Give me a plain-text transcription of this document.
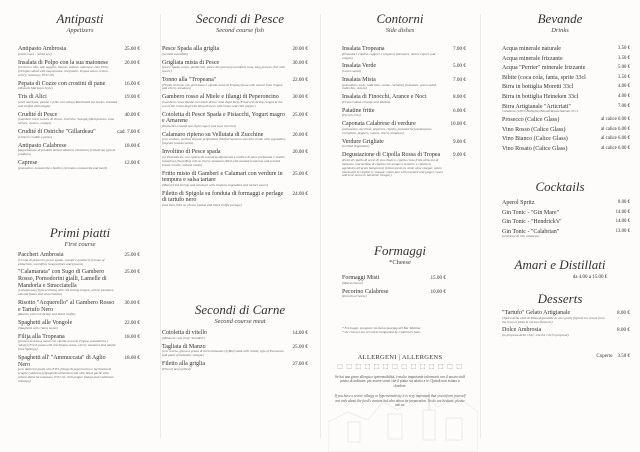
Antipasti
Appetizers
Antipasto Ambrosia
(misto mare - mixed sea)
25.00 €
Insalata di Polpo con la sua maionese
(ricciolo e olio, olio leggero, limone, sedano, maionese, olio EVO) (Octopus salad with mayonnaise, red potato, Tropea onion, lemon, celery, rosemary, EVO oil)
20.00 €
Pepata di Cozze con crostini di pane
(Mussels Marinara Style)
16.00 €
Tris di Alici
(alici marinate, panate e fritte con salsa) (Marinated anchovies, breaded and stuffed with ndujia)
19.00 €
Crudité di Pesce
(Gamberi rossi, tartare di Tonno, Ostriche, Scampi) (Red prawns, tuna tartare, oysters, scampi)
40.00 €
Crudité di Ostriche "Gillardeau"
(Oysters crudité a pezzo)
cad. 7.00 €
Antipasto Calabrese
(degustazione di prodotti della tradizione calabrese) (Calabrian typical products)
18.00 €
Caprese
(pomodoro, mozzarella e basilico) (tomato, mozzarella and basil)
12.00 €
Primi piatti
First course
Paccheri Ambrosia
(Crema di pistacchi, pesce spada, scampi e gamberi) (Cream of pistachios, swordfish, langoustines and prawns)
25.00 €
"Calamarata" con Sugo di Gambero Rosso, Pomodorini gialli, Lamelle di Mandorla e Stracciatella
(Calamarata (Typical Pasta) with red shrimp tongue, yellow tomatoes, almond flakes and stracciatella)
25.00 €
Risotto "Acquerello" al Gambero Rosso e Tartufo Nero
(Risotto with red shrimp and black truffle)
30.00 €
Spaghetti alle Vongole
(Spaghetti with Clams sauce)
22.00 €
Filija alla Tropeana
(pasta tracciata a mano con cipolla rossa di Tropea, pomodorini e 'nduja) (Fresh pasta with red Tropea onion, cherry tomatoes and ndujia from Spilinga)
18.00 €
Spaghetti all' "Ammuccata" di Aglio Nero
(con datterini gialli, olio EVO, filangi di peperoncino e lacrimetta di scaglie calabrese) (Spaghetti all'ammuccata with black garlic with yellow datterini tomatoes, EVO oil, chili pepper filangi and Calabrian bottarga)
18.00 €
Secondi di Pesce
Second course fish
Pesce Spada alla griglia
(Grilled swordfish)
20.00 €
Grigliata mista di Pesce
(pesce spada, tonno, gamberoni, pesce del giorno) (swordfish, tuna, king prawns, fish with leaves)
30.00 €
Tonno alla "Tropeana"
(Filetto di tonno con germinato e cipolla rossa di Tropea) (tuna with onions from Tropea and cherry tomatoes)
22.00 €
Gambero rosso al Miele e filangi di Peperoncino
(Gambero rosso flambé con miele della Costa degli Dei) (Fried red shrimp caught in the sea of the Costa degli Dei King Prawns with honey and chili pepper)
30.00 €
Cotoletta di Pesce Spada e Pistacchi, Yogurt magro e Amarene
(Pistachio-crusted spa, light yogurt and sour cherries)
25.00 €
Calamaro ripieno su Vellutata di Zucchine
(con verdure, mollica di pane profumata) (Stuffed squid on zucchini cream with vegetables, fragrant breadcrumbs)
20.00 €
Involtino di Pesce spada
(su Pomodorini, con ripieno di scamorza affumicata e mollica di pane profumata e vinello sultanino) (Swordfish roll on cherry tomatoes filled with smoked scamorza and scented bread crumbs, sultana raisin)
20.00 €
Fritto misto di Gamberi e Calamari con verdure in tempura e salsa tartare
(Mixed fried shrimp and calamari with tempura vegetables and tartare sauce)
25.00 €
Filetto di Spigola su fonduta di formaggi e perlage di tartufo nero
(Sea bass fillet on cheese fondue and black truffle perlage)
24.00 €
Secondi di Carne
Second course meat
Cotoletta di vitello
(Milanese veal chop "breaded")
14.00 €
Tagliata di Manzo
(con rucola, grana a grana di aceto balsamico) (Beef steak with rocket, type of Parmesan and glaze of balsamic vinegar)
25.00 €
Filetto alla griglia
(Filet of beef grilled)
27.00 €
Contorni
Side dishes
Insalata Tropeana
(Pomodori, cipolla, capperi e origano) (tomatoes, onion, capers and oregan)
7.00 €
Insalata Verde
(Green salad)
5.00 €
Insalata Mista
(pomodoro, mais, radicchio, carote, ruchetta) (tomatoes, green salad, radicchio, onions)
7.00 €
Insalata di Finocchi, Arance e Noci
(Fennel salad, Orange and Walnut)
8.00 €
Patatine fritte
(French fries)
6.00 €
Caponata Calabrese di verdure
(melanzane, zucchine, peperoni, cipolla, pomodorini) (aubergines, courgettes, peppers, onions, cherry tomatoes)
10.00 €
Verdure Grigliate
(Grilled Vegetables)
9.00 €
Degustazione di Cipolla Rossa di Tropea
(Pesti di cipolla di aceto di vino bianco, cipolla rossa fritta all'aceto di lampone, marmellata di cipolla con senape e zenzero, e cipolla in agrodolce all'aceto balsamico) (Onion pesto in white wine vinegar, onion marinated in raspberry vinegar, onion jam with mustard and ginger, sweet and sour onion in balsamic vinegar)
9.00 €
Formaggi
*Cheese
Formaggi Misti
(Mixed cheese)
15.00 €
Pecorino Calabrese
(Pecorino cheese)
10.00 €
* Formaggi, mangiare sin dal acqua/pag del Bar Mattina
* the cheeses are served accompanied by Calabrian Jams
ALLERGENI | ALLERGENS
⬚ ⬚ ⬚ ⬚ ⬚ ⬚ ⬚ ⬚ ⬚ ⬚ ⬚ ⬚ ⬚ ⬚
Se hai una grave allergia o ipersensibilità, è molto importante informarti con il nostro staff prima di ordinare, per essere sicuri che il piatto sia adatto a te. Quindi non esitare a chiedere.
If you have a severe allergy or hypersensitivity it is very important that you inform yourself not only about the food's content but also about its preparation. So do not hesitate, please ask us.
Bevande
Drinks
Acqua minerale naturale	3.50 €
Acqua minerale frizzante	3.50 €
Acqua "Perrier" minerale frizzante	5.00 €
Bibite (coca cola, fanta, sprite 33cl	3.50 €
Birra in bottiglia Moretti 33cl	4.00 €
Birra in bottiglia Heineken 33cl	4.00 €
Birra Artigianale "Articriati"
Calabrese (100% Bottiglia) Blonde/Rossa/Salento 33 cl.
7.00 €
Prosecco (Calice Glass)	al calice 6.00 €
Vino Rosso (Calice Glass)	al calice 6.00 €
Vino Bianco (Calice Glass)	al calice 6.00 €
Vino Rosato (Calice Glass)	al calice 6.00 €
Cocktails
Aperol Spritz	8.00 €
Gin Tonic - "Gin Mare"	14.00 €
Gin Tonic - "Hendrick's"	14.00 €
Gin Tonic - "Calabrian"
(selezione di Gin calabrini)
13.00 €
Amari e Distillati
da 4.00 a 15.00 €
Desserts
"Tartufo" Gelato Artigianale
(Tipico della città di Pizzo disponibile in vari gusti) (typical ice cream from the town of pizzo in various flavours)
8.00 €
Dolce Ambrosia
(la proposta dello Chef - Da the Chef's proposal)
8.00 €
Coperto 3.50 €
